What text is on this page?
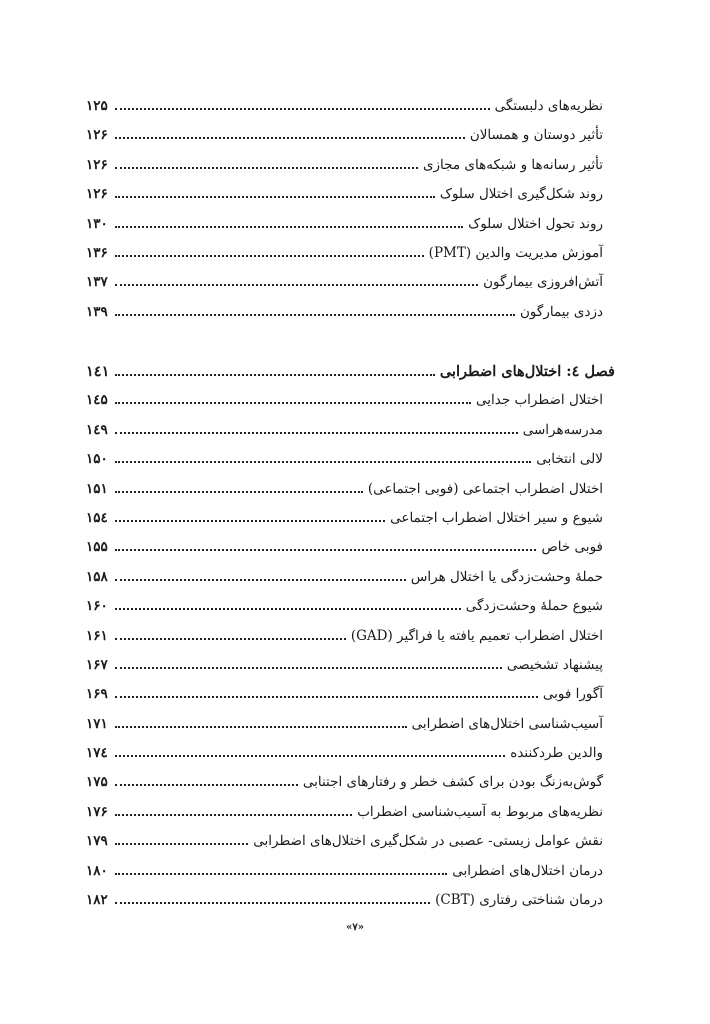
نظریه‌های دلبستگی
۱۲۵
تأثیر دوستان و همسالان
۱۲۶
تأثیر رسانه‌ها و شبکه‌های مجازی
۱۲۶
روند شکل‌گیری اختلال سلوک
۱۲۶
روند تحول اختلال سلوک
۱۳۰
آموزش مدیریت والدین (PMT)
۱۳۶
آتش‌افروزی بیمارگون
۱۳۷
دزدی بیمارگون
۱۳۹
فصل ٤: اختلال‌های اضطرابی
۱٤۱
اختلال اضطراب جدایی
۱٤۵
مدرسه‌هراسی
۱٤۹
لالی انتخابی
۱۵۰
اختلال اضطراب اجتماعی (فوبی اجتماعی)
۱۵۱
شیوع و سیر اختلال اضطراب اجتماعی
۱۵٤
فوبی خاص
۱۵۵
حملهٔ وحشت‌زدگی یا اختلال هراس
۱۵۸
شیوع حملهٔ وحشت‌زدگی
۱۶۰
اختلال اضطراب تعمیم یافته یا فراگیر (GAD)
۱۶۱
پیشنهاد تشخیصی
۱۶۷
آگورا فوبی
۱۶۹
آسیب‌شناسی اختلال‌های اضطرابی
۱۷۱
والدین طردکننده
۱۷٤
گوش‌به‌زنگ بودن برای کشف خطر و رفتارهای اجتنابی
۱۷۵
نظریه‌های مربوط به آسیب‌شناسی اضطراب
۱۷۶
نقش عوامل زیستی- عصبی در شکل‌گیری اختلال‌های اضطرابی
۱۷۹
درمان اختلال‌های اضطرابی
۱۸۰
درمان شناختی رفتاری (CBT)
۱۸۲
«۷»
